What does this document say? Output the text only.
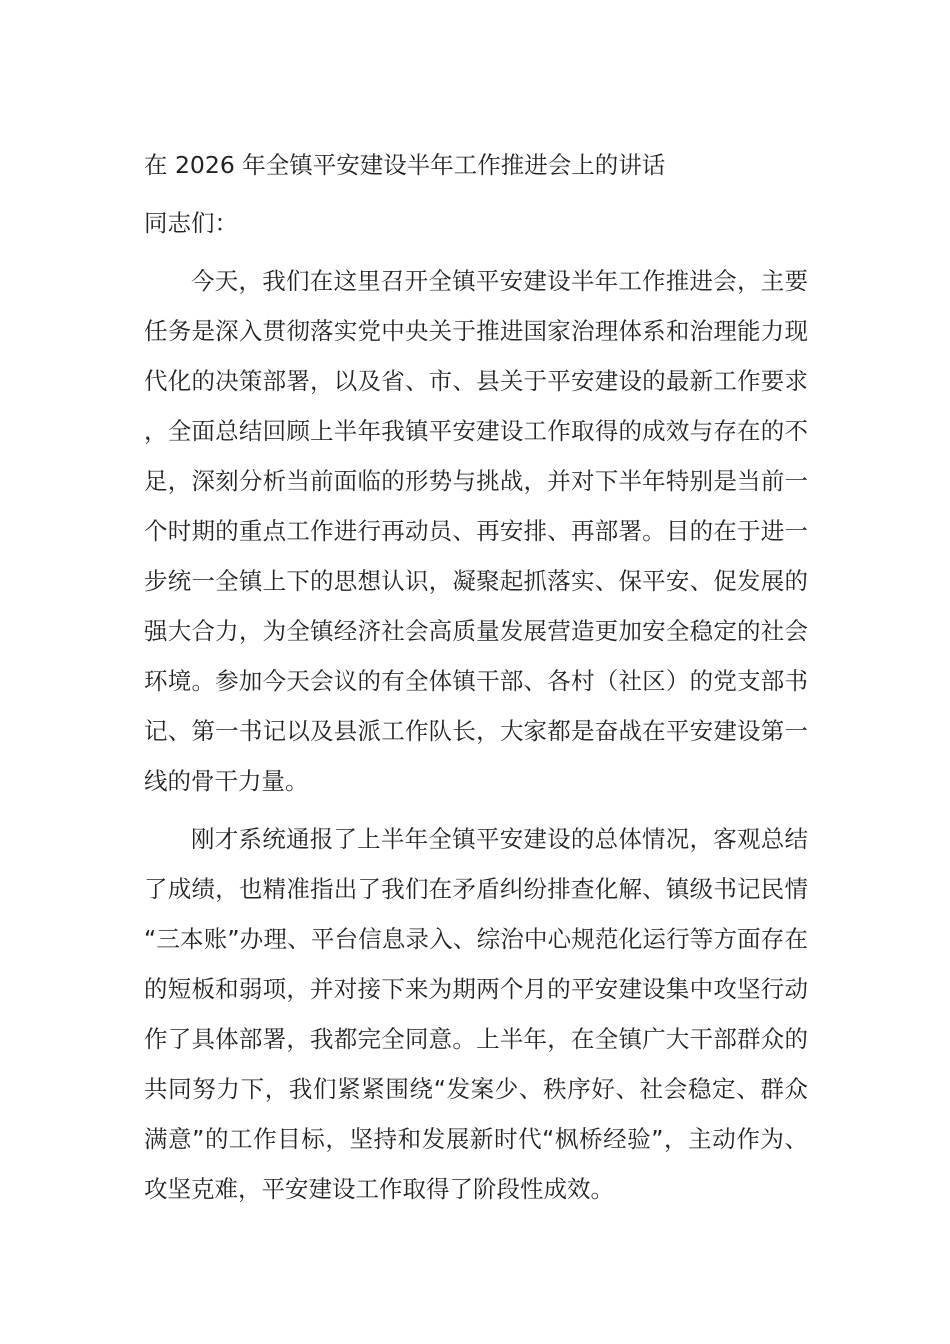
在 2026 年全镇平安建设半年工作推进会上的讲话

同志们：

今天，我们在这里召开全镇平安建设半年工作推进会，主要任务是深入贯彻落实党中央关于推进国家治理体系和治理能力现代化的决策部署，以及省、市、县关于平安建设的最新工作要求，全面总结回顾上半年我镇平安建设工作取得的成效与存在的不足，深刻分析当前面临的形势与挑战，并对下半年特别是当前一个时期的重点工作进行再动员、再安排、再部署。目的在于进一步统一全镇上下的思想认识，凝聚起抓落实、保平安、促发展的强大合力，为全镇经济社会高质量发展营造更加安全稳定的社会环境。参加今天会议的有全体镇干部、各村（社区）的党支部书记、第一书记以及县派工作队长，大家都是奋战在平安建设第一线的骨干力量。

刚才系统通报了上半年全镇平安建设的总体情况，客观总结了成绩，也精准指出了我们在矛盾纠纷排查化解、镇级书记民情“三本账”办理、平台信息录入、综治中心规范化运行等方面存在的短板和弱项，并对接下来为期两个月的平安建设集中攻坚行动作了具体部署，我都完全同意。上半年，在全镇广大干部群众的共同努力下，我们紧紧围绕“发案少、秩序好、社会稳定、群众满意”的工作目标，坚持和发展新时代“枫桥经验”，主动作为、攻坚克难，平安建设工作取得了阶段性成效。
